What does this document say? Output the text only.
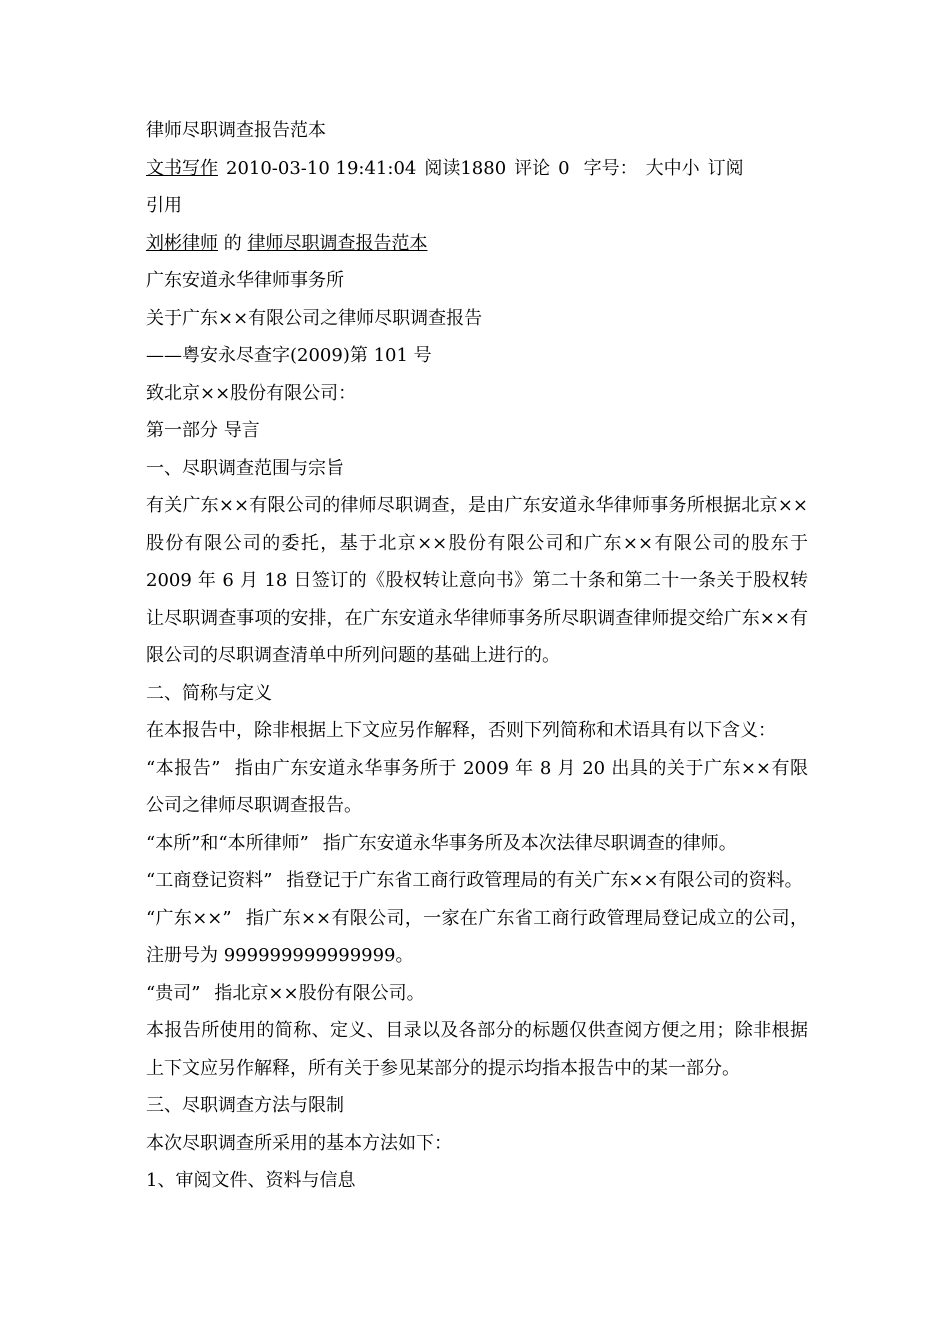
律师尽职调查报告范本
文书写作 2010-03-10 19:41:04 阅读1880 评论 0 字号： 大中小 订阅
引用
刘彬律师 的 律师尽职调查报告范本
广东安道永华律师事务所
关于广东××有限公司之律师尽职调查报告
——粤安永尽查字(2009)第 101 号
致北京××股份有限公司：
第一部分 导言
一、尽职调查范围与宗旨
有关广东××有限公司的律师尽职调查，是由广东安道永华律师事务所根据北京××股份有限公司的委托，基于北京××股份有限公司和广东××有限公司的股东于 2009 年 6 月 18 日签订的《股权转让意向书》第二十条和第二十一条关于股权转让尽职调查事项的安排，在广东安道永华律师事务所尽职调查律师提交给广东××有限公司的尽职调查清单中所列问题的基础上进行的。
二、简称与定义
在本报告中，除非根据上下文应另作解释，否则下列简称和术语具有以下含义：
“本报告” 指由广东安道永华事务所于 2009 年 8 月 20 出具的关于广东××有限公司之律师尽职调查报告。
“本所”和“本所律师” 指广东安道永华事务所及本次法律尽职调查的律师。
“工商登记资料” 指登记于广东省工商行政管理局的有关广东××有限公司的资料。
“广东××” 指广东××有限公司，一家在广东省工商行政管理局登记成立的公司，注册号为 999999999999999。
“贵司” 指北京××股份有限公司。
本报告所使用的简称、定义、目录以及各部分的标题仅供查阅方便之用；除非根据上下文应另作解释，所有关于参见某部分的提示均指本报告中的某一部分。
三、尽职调查方法与限制
本次尽职调查所采用的基本方法如下：
1、审阅文件、资料与信息
